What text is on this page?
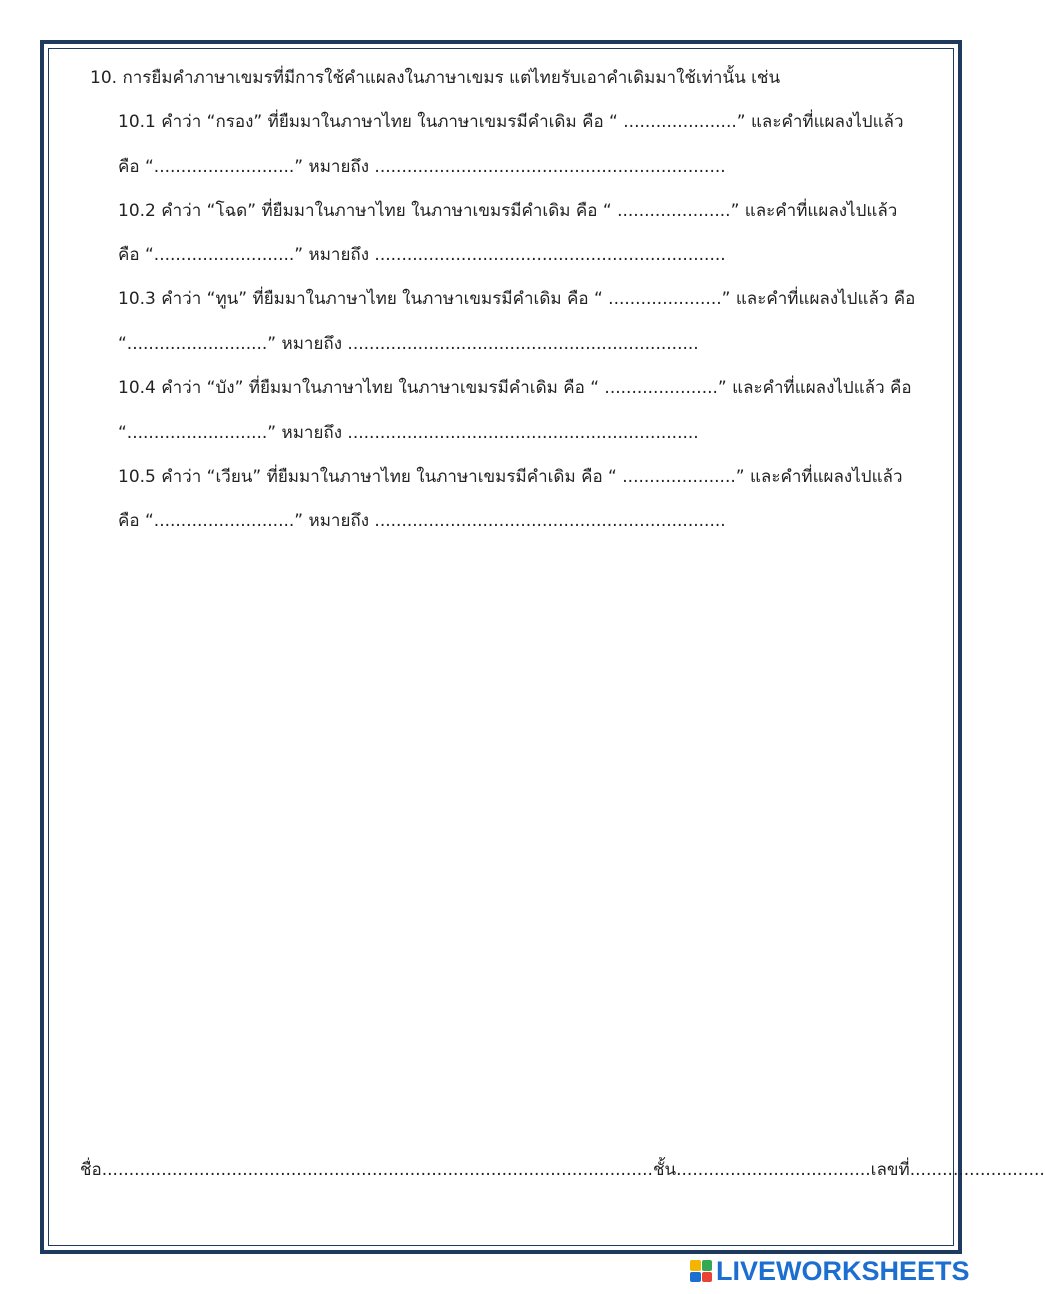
10. การยืมคำภาษาเขมรที่มีการใช้คำแผลงในภาษาเขมร แต่ไทยรับเอาคำเดิมมาใช้เท่านั้น เช่น
10.1 คำว่า “กรอง” ที่ยืมมาในภาษาไทย ในภาษาเขมรมีคำเดิม คือ “ .....................” และคำที่แผลงไปแล้ว
คือ “..........................” หมายถึง .................................................................
10.2 คำว่า “โฉด” ที่ยืมมาในภาษาไทย ในภาษาเขมรมีคำเดิม คือ “ .....................” และคำที่แผลงไปแล้ว
คือ “..........................” หมายถึง .................................................................
10.3 คำว่า “ทูน” ที่ยืมมาในภาษาไทย ในภาษาเขมรมีคำเดิม คือ “ .....................” และคำที่แผลงไปแล้ว คือ
“..........................” หมายถึง .................................................................
10.4 คำว่า “บัง” ที่ยืมมาในภาษาไทย ในภาษาเขมรมีคำเดิม คือ “ .....................” และคำที่แผลงไปแล้ว คือ
“..........................” หมายถึง .................................................................
10.5 คำว่า “เวียน” ที่ยืมมาในภาษาไทย ในภาษาเขมรมีคำเดิม คือ “ .....................” และคำที่แผลงไปแล้ว
คือ “..........................” หมายถึง .................................................................
ชื่อ......................................................................................................ชั้น....................................เลขที่.........................
LIVEWORKSHEETS
